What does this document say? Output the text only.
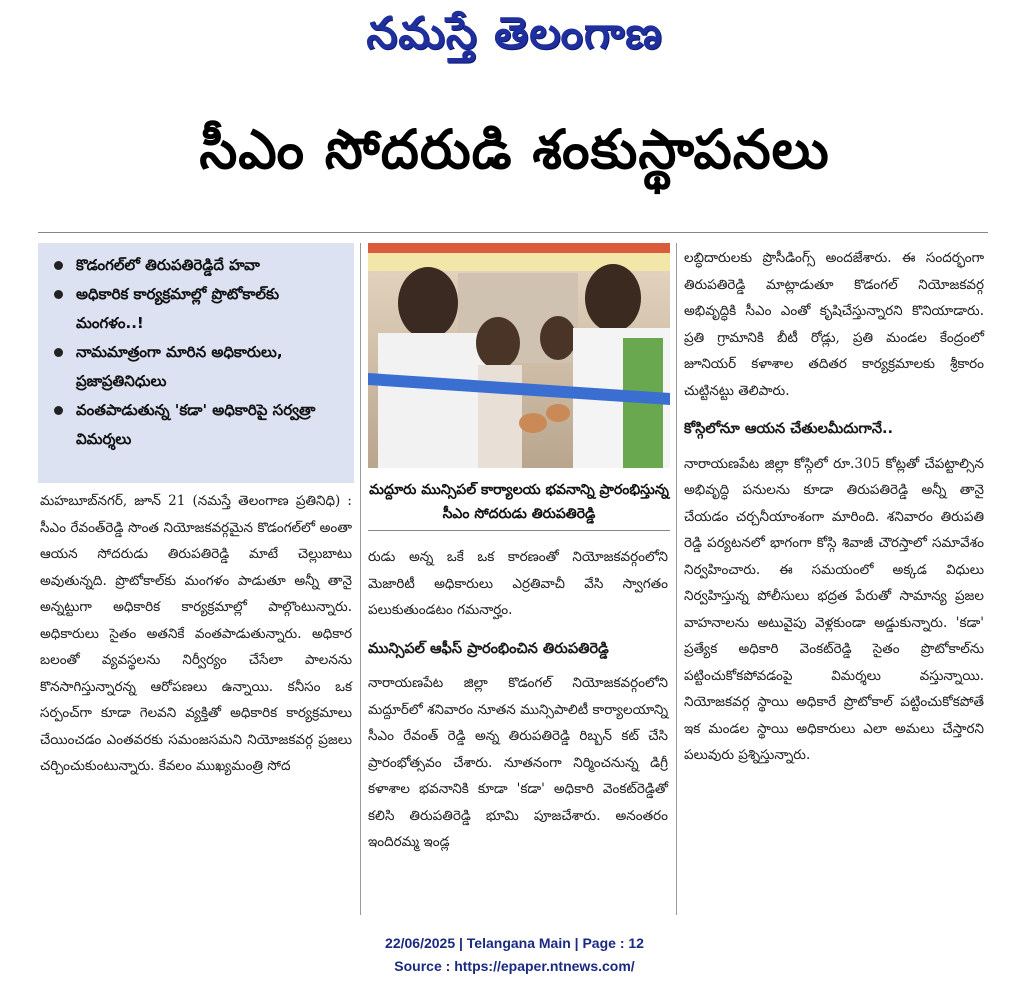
నమస్తే తెలంగాణ
సీఎం సోదరుడి శంకుస్థాపనలు
కొడంగల్‌లో తిరుపతిరెడ్డిదే హవా
అధికారిక కార్యక్రమాల్లో ప్రొటోకాల్‌కు మంగళం..!
నామమాత్రంగా మారిన అధికారులు, ప్రజాప్రతినిధులు
వంతపాడుతున్న 'కడా' అధికారిపై సర్వత్రా విమర్శలు

మహబూబ్‌నగర్, జూన్ 21 (నమస్తే తెలంగాణ ప్రతినిధి) : సీఎం రేవంత్‌రెడ్డి సొంత నియోజకవర్గమైన కొడంగల్‌లో అంతా ఆయన సోదరుడు తిరుపతిరెడ్డి మాటే చెల్లుబాటు అవుతున్నది. ప్రొటోకాల్‌కు మంగళం పాడుతూ అన్నీ తానై అన్నట్టుగా అధికారిక కార్యక్రమాల్లో పాల్గొంటున్నారు. అధికారులు సైతం అతనికే వంతపాడుతున్నారు. అధికార బలంతో వ్యవస్థలను నిర్వీర్యం చేసేలా పాలనను కొనసాగిస్తున్నారన్న ఆరోపణలు ఉన్నాయి. కనీసం ఒక సర్పంచ్‌గా కూడా గెలవని వ్యక్తితో అధికారిక కార్యక్రమాలు చేయించడం ఎంతవరకు సమంజసమని నియోజకవర్గ ప్రజలు చర్చించుకుంటున్నారు. కేవలం ముఖ్యమంత్రి సోద

మద్దూరు మున్సిపల్ కార్యాలయ భవనాన్ని ప్రారంభిస్తున్న సీఎం సోదరుడు తిరుపతిరెడ్డి

రుడు అన్న ఒకే ఒక కారణంతో నియోజకవర్గంలోని మెజారిటీ అధికారులు ఎర్రతివాచీ వేసి స్వాగతం పలుకుతుండటం గమనార్హం.

మున్సిపల్ ఆఫీస్ ప్రారంభించిన తిరుపతిరెడ్డి

నారాయణపేట జిల్లా కొడంగల్ నియోజకవర్గంలోని మద్దూర్‌లో శనివారం నూతన మున్సిపాలిటీ కార్యాలయాన్ని సీఎం రేవంత్ రెడ్డి అన్న తిరుపతిరెడ్డి రిబ్బన్ కట్ చేసి ప్రారంభోత్సవం చేశారు. నూతనంగా నిర్మించనున్న డిగ్రీ కళాశాల భవనానికి కూడా 'కడా' అధికారి వెంకట్‌రెడ్డితో కలిసి తిరుపతిరెడ్డి భూమి పూజచేశారు. అనంతరం ఇందిరమ్మ ఇండ్ల

లబ్ధిదారులకు ప్రొసీడింగ్స్ అందజేశారు. ఈ సందర్భంగా తిరుపతిరెడ్డి మాట్లాడుతూ కొడంగల్ నియోజకవర్గ అభివృద్ధికి సీఎం ఎంతో కృషిచేస్తున్నారని కొనియాడారు. ప్రతి గ్రామానికి బీటీ రోడ్లు, ప్రతి మండల కేంద్రంలో జూనియర్ కళాశాల తదితర కార్యక్రమాలకు శ్రీకారం చుట్టినట్టు తెలిపారు.

కోస్గిలోనూ ఆయన చేతులమీదుగానే..

నారాయణపేట జిల్లా కోస్గిలో రూ.305 కోట్లతో చేపట్టాల్సిన అభివృద్ధి పనులను కూడా తిరుపతిరెడ్డి అన్నీ తానై చేయడం చర్చనీయాంశంగా మారింది. శనివారం తిరుపతి రెడ్డి పర్యటనలో భాగంగా కోస్గి శివాజీ చౌరస్తాలో సమావేశం నిర్వహించారు. ఈ సమయంలో అక్కడ విధులు నిర్వహిస్తున్న పోలీసులు భద్రత పేరుతో సామాన్య ప్రజల వాహనాలను అటువైపు వెళ్లకుండా అడ్డుకున్నారు. 'కడా' ప్రత్యేక అధికారి వెంకట్‌రెడ్డి సైతం ప్రొటోకాల్‌ను పట్టించుకోకపోవడంపై విమర్శలు వస్తున్నాయి. నియోజకవర్గ స్థాయి అధికారే ప్రొటోకాల్ పట్టించుకోకపోతే ఇక మండల స్థాయి అధికారులు ఎలా అమలు చేస్తారని పలువురు ప్రశ్నిస్తున్నారు.

22/06/2025 | Telangana Main | Page : 12
Source : https://epaper.ntnews.com/
